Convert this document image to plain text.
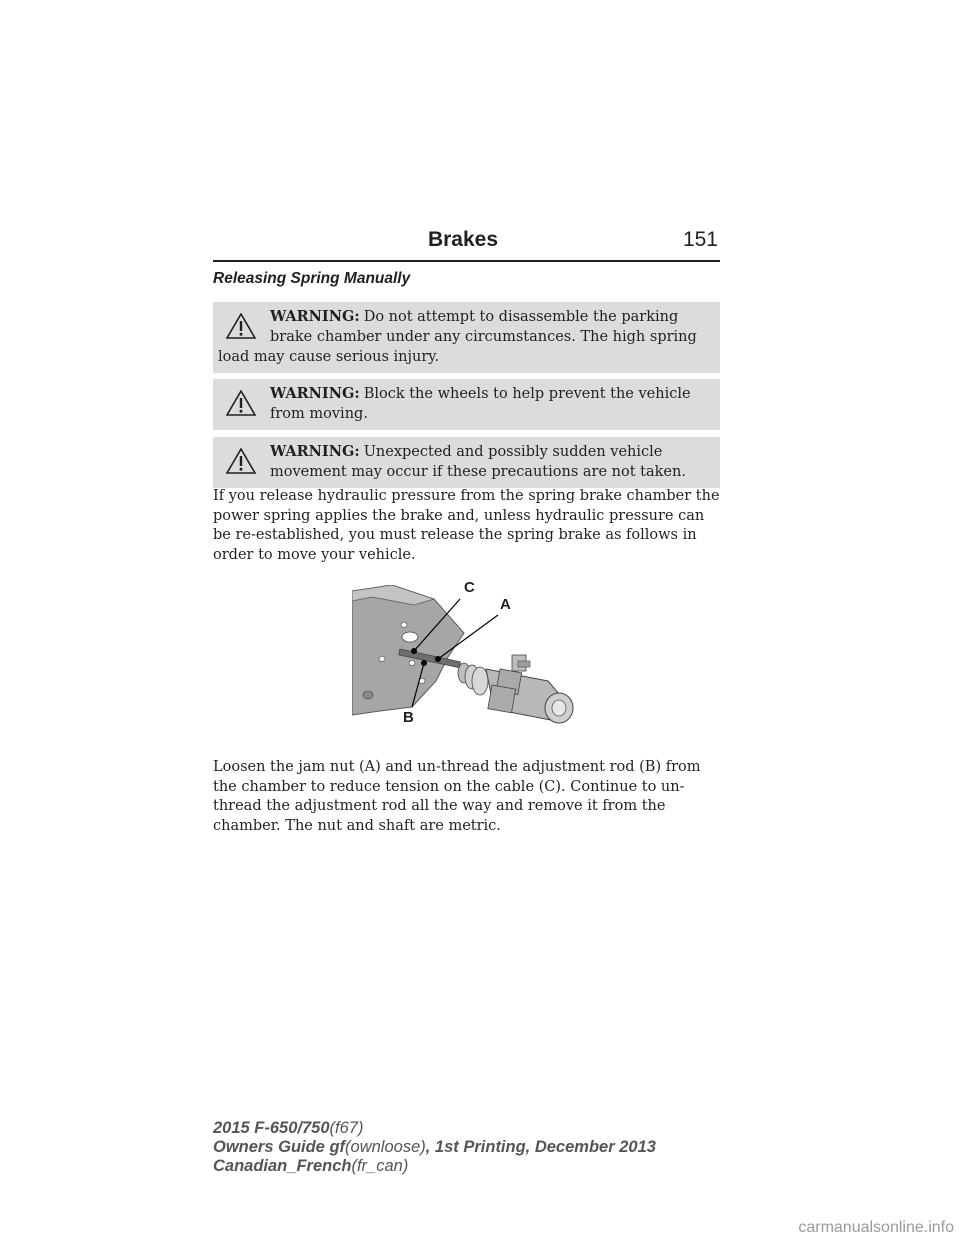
Brakes	151
Releasing Spring Manually
WARNING: Do not attempt to disassemble the parking brake chamber under any circumstances. The high spring load may cause serious injury.
WARNING: Block the wheels to help prevent the vehicle from moving.
WARNING: Unexpected and possibly sudden vehicle movement may occur if these precautions are not taken.
If you release hydraulic pressure from the spring brake chamber the power spring applies the brake and, unless hydraulic pressure can be re-established, you must release the spring brake as follows in order to move your vehicle.
C
A
B
Loosen the jam nut (A) and un-thread the adjustment rod (B) from the chamber to reduce tension on the cable (C). Continue to un-thread the adjustment rod all the way and remove it from the chamber. The nut and shaft are metric.
2015 F-650/750(f67)
Owners Guide gf(ownloose), 1st Printing, December 2013
Canadian_French(fr_can)
carmanualsonline.info
